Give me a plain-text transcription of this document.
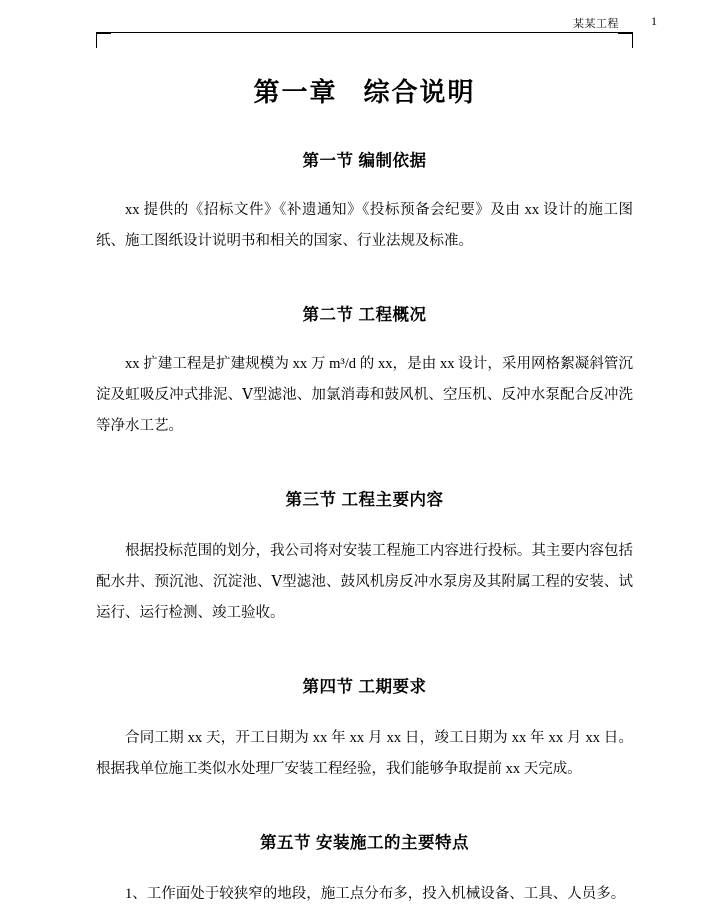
某某工程	1
第一章 综合说明
第一节 编制依据

xx 提供的《招标文件》《补遗通知》《投标预备会纪要》及由 xx 设计的施工图纸、施工图纸设计说明书和相关的国家、行业法规及标准。

第二节 工程概况

xx 扩建工程是扩建规模为 xx 万 m³/d 的 xx，是由 xx 设计，采用网格絮凝斜管沉淀及虹吸反冲式排泥、Ⅴ型滤池、加氯消毒和鼓风机、空压机、反冲水泵配合反冲洗等净水工艺。

第三节 工程主要内容

根据投标范围的划分，我公司将对安装工程施工内容进行投标。其主要内容包括配水井、预沉池、沉淀池、Ⅴ型滤池、鼓风机房反冲水泵房及其附属工程的安装、试运行、运行检测、竣工验收。

第四节 工期要求

合同工期 xx 天，开工日期为 xx 年 xx 月 xx 日，竣工日期为 xx 年 xx 月 xx 日。根据我单位施工类似水处理厂安装工程经验，我们能够争取提前 xx 天完成。

第五节 安装施工的主要特点

1、工作面处于较狭窄的地段，施工点分布多，投入机械设备、工具、人员多。
